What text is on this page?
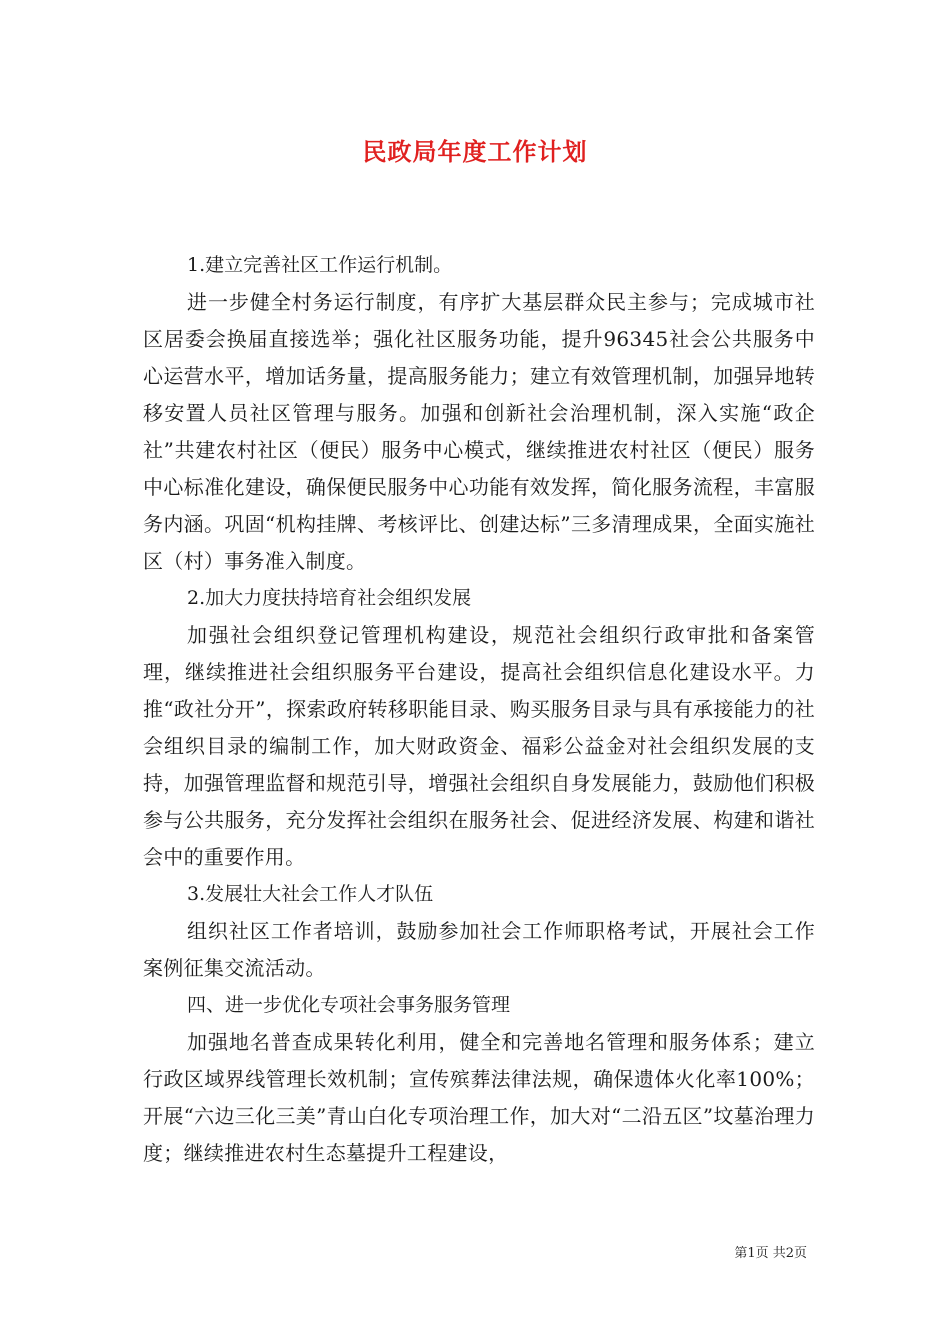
民政局年度工作计划

1.建立完善社区工作运行机制。

进一步健全村务运行制度，有序扩大基层群众民主参与；完成城市社区居委会换届直接选举；强化社区服务功能，提升96345社会公共服务中心运营水平，增加话务量，提高服务能力；建立有效管理机制，加强异地转移安置人员社区管理与服务。加强和创新社会治理机制，深入实施“政企社”共建农村社区（便民）服务中心模式，继续推进农村社区（便民）服务中心标准化建设，确保便民服务中心功能有效发挥，简化服务流程，丰富服务内涵。巩固“机构挂牌、考核评比、创建达标”三多清理成果，全面实施社区（村）事务准入制度。

2.加大力度扶持培育社会组织发展

加强社会组织登记管理机构建设，规范社会组织行政审批和备案管理，继续推进社会组织服务平台建设，提高社会组织信息化建设水平。力推“政社分开”，探索政府转移职能目录、购买服务目录与具有承接能力的社会组织目录的编制工作，加大财政资金、福彩公益金对社会组织发展的支持，加强管理监督和规范引导，增强社会组织自身发展能力，鼓励他们积极参与公共服务，充分发挥社会组织在服务社会、促进经济发展、构建和谐社会中的重要作用。

3.发展壮大社会工作人才队伍

组织社区工作者培训，鼓励参加社会工作师职格考试，开展社会工作案例征集交流活动。

四、进一步优化专项社会事务服务管理

加强地名普查成果转化利用，健全和完善地名管理和服务体系；建立行政区域界线管理长效机制；宣传殡葬法律法规，确保遗体火化率100%；开展“六边三化三美”青山白化专项治理工作，加大对“二沿五区”坟墓治理力度；继续推进农村生态墓提升工程建设，

第1页 共2页
